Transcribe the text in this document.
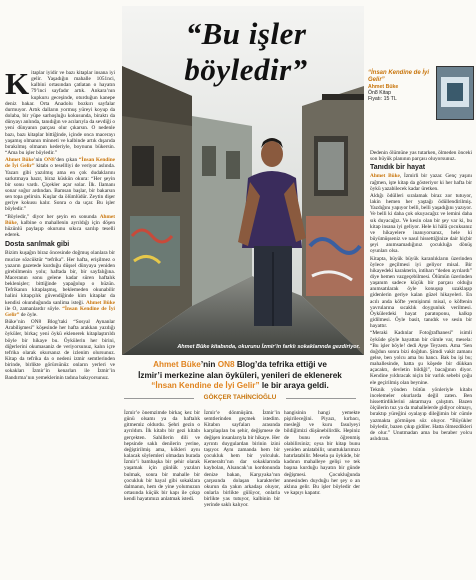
Kitaplar iyidir ve bazı kitaplar insana iyi gelir. Yaşadığın mahalle 1051nci, kalbini ortasından çatlatan o hayatın 79’inci sayfadır artık. Ankara’nın kupkuru geceşinde, oturduğun kanepe deniz bakar. Orta Anadolu bozkırı sayfalar durmuyor. Artık dalların yormuş yüreyi koyup da dolaba, bir yüpe sarhoşluğu kokusunda, biraktı da dünyayı anlında, tanıdığın ve acılarıyla da sevdiği o yeni dünyanın parçası olur çıkarsın. O nedenle bazı, bazı kitaplar bittiğinde, içinde onca macerayı yaşamış olmanın minneti ve kalbinde artık dışarıda bırakılmış olmanın kederiyle, boynunu bükersin. “Ama bu işler böyledir.”

Ahmet Büke’nin ON8’den çıkan “İnsan Kendine de İyi Gelir” kitabı o tesellliyi de veriyor aslında. Yazarı gibi yazılmış ama en çok dudaklarını sarkıtmaya hazır, biraz küskün okura: “Her şeyin bir sonu vardı. Çiçekler açar solar. İlk. Ilamanı sonar soğur ardından. Bamsan başlar, bir bakarsın sen topa gelirsin. Kuşlar da ölümlüdür. Zeytin dişer geriye kokusu kalır. Sonra o da uçar. Bu işler böyledir.”

“Böyledir,” diyor her şeyin en sonunda Ahmet Büke, kalbine o mahallenin ayrıldığı için döşen hüzünlü paylaşıp okurunu sıkıca sarılıp teselli ederek.

Dosta sarılmak gibi

Bizim kuşağın biraz öncesinde doğmuş olanlara bir mucize sözcüktür “tefrika”. Her hafta, erişilmez o yazarın gazetede kurduğu düşsel dünyaya yeniden girebilmenin yolu; haftada bir, bir sayfalığına. Maceranın sonu gelene kadar süren haftalık beklenişler; bittiğinde yapağolup o hüzün. Tefrikanın kitaplaşmış, beklemeden okunabilir halini kitapçılık güvendiğinde kim kitaplar da kendisi okunduğunda sanlima isteği. Ahmet Büke ile O, zamanlardır söyle. “İnsan Kendine de İyi Gelir” de öyle.

Büke’nin ON8 Blog’taki “Sosyal Aynanlar Arabilişmesi” köşesinde her hafta arakkan yazdığı öyküler, birkaç yeni öykü eklenerek kitaplaştırıldı böyle bir hikaye bu. Öykülerin her birini, diğerlerini okumasaniz de veriyorsunuz, kalın içre tefrika olarak okursanız de izlenim olursunuz. Kitap da tefrika da o nedeni izmir semtlerinden birinde, birlikte görürsünüz onların yerleri ve sokakları İzmir’in kenarları ile İzmir’in Bandırma’nın yemeklerinin tadına bakıyorsunuz.

“Bu işler böyledir”
Ahmet Büke kitabında, okurunu İzmir’in farklı sokaklarında gezdiriyor.
“İnsan Kendine de İyi Gelir”
Ahmet Büke
Ön8 Kitap
Fiyatı: 15 TL

Dedenin ölümüne yas tutarken, ölmeden önceki son büyük planının parçası oluyorsunuz.

Tanıdık bir hayat

Ahmet Büke, İzmirli bir yazar. Genç yaşını rağmen, işte kitap da gösteriyor ki her hafta bir öykü yazabilecek kadar üretken.

Aldığı ödülleri sıralamak biraz zor tutuyor, lakin hemen her yaştağı ödüllendirilmiş. Yazdığını yapıyor belli, belli yaşadığını yazıyor. Ve belli ki daha çok okuyacağız ve lemini daha sık duyacağız. Ve kesin olan bir şey var ki, bu kitap insana iyi geliyor. Hele ki hâlâ çocuksanız ve hikayelere inanıyorsanız, hele ki büyümüşseniz ve nasıl hissettiğinize dair hiçbir şeyi anımsamadığınız çocukluğa dönüş oyunları olsa.

Kitapta, büyük büyük karanlıkların üzerinden öylece geçilmesi iyi geliyor misal. Bir hikayedeki karakterin, intiharı “deden ayrılardı” diye hemen vazgeçebilmesi. Ölümün üzerinden yaşanım sadece küçük bir parçası olduğu anımsatılarak öyle konuşup uzaklaşıp gidenlerin geriye kalan güzel hikayeleri. En acılı anda köfte yemişinmi misal, o köftenin yavrularına sıcaklık doygunluk verilmesi. Öykülerdeki hayat paratoponu, kalkıp gidilmesi. Öyle basit, tanıdık ve sesin bir hayattır.

“Meraki Kadınlar Fotoğrafhanesi” isimli öyküde şöyle hayattan bir cümle var, mesela: “Bu işler böyle! dedi Ayşe Teyzem. Ama ‘Sen doğdun sonra bizi doğdun. Şimdi vakit zamanı gelse, ben yolcu ama bu hancı. Bak bu işi bu; mahallesinde, hatta şu köşede bir dükkan açacaktı, devletin bildiği”, bacağının diyor. Kendine yıldıracak niçin bir varlık sebebi çoğu ele geçirilmiş olan beynine.

Teknik yönden bütün yönleriyle kitabı incelemeler okurlarda değil zaten. Ben hissettirdiklerini aktarmaya çalıştım. Bazen ölçülerin tuz ya da mahallelerde gidiyor olmayı, bıraktıp yüreğini oyalayıp dileğimin bir cümle yazmakta görmüşen söz oluyor. “Büyükler böyledir, bazen çıkıp gidiler. Hatta ölmezdikleri de olur.” Unutmadan ama bu beraber yolcu aslıdıran.

Ahmet Büke’nin ON8 Blog’da tefrika ettiği ve
İzmir’i merkezine alan öyküleri, yenileri de eklenerek
“İnsan Kendine de İyi Gelir” le bir araya geldi.
GÖKÇER TAHİNCİOĞLU

İzmir’e önemzimde birkaç kez bir günü olsamı ya da haftalık gitmemiz oldurdu. Şehri gezin o ayrıldım. İlk kitabı bir gezi kitabı gerçekten. Sahillerin dili ve hepsinde saklı denilerin yerine, değiştirilmiş ama, kökleri aynı kalacak söylemleri olmadan burada İzmir’i bambaşka bir şehir olarak yaşamak için günlük yazıları bulmak, sonra bir mahalle bir çocukluk bir hayal gibi sokaklara dalmanın, hem de yine yolumuzun ortasında küçük bir kapı ile çıkıp kendi hayatımızı anlatmak istedi.

İzmir’e dönmüşüm. İzmir’in semtlerinden geçmek istedim. Kitabın sayfaları arasında karşılaşılan bu şehir, değişmese de değişen insanlarıyla bir hikaye. Her ayrıntı duygulardan birinin izini taşıyor. Aynı zamanda hem bir çocukluk hem bir yolculuk. Kemeraltı’nın dar sokaklarında kaybolan, Alsancak’ın kordonunda denize bakan, Karşıyaka’nın çarşısında dolaşan karakterler okurun da yakın arkadaşı oluyor, onlarla birlikte gülüyor, onlarla birlikte yas tutuyor, kalbinin bir yerinde saklı kalıyor.

hangisinin hangi yemekte pişirileceğini. Piyazı, kırbacı, mesleği ve kuru fasulyeyi bildiğimizi düşünebilirdik. Hepiniz de bunu evde öğrenmiş olabilirsiniz; oysa bir kitap bunu yeniden anlatabilir, unuttuklarımızı hatırlatabilir. Mesela şu öyküde, bir kadının mahalleye gelişi ve tek başına kurduğu hayatın bir günde değişmesi. Çocukluğunda annesinden duyduğu her şey o an aklına gelir. Bu işler böyledir der ve kapıyı kapatır.
